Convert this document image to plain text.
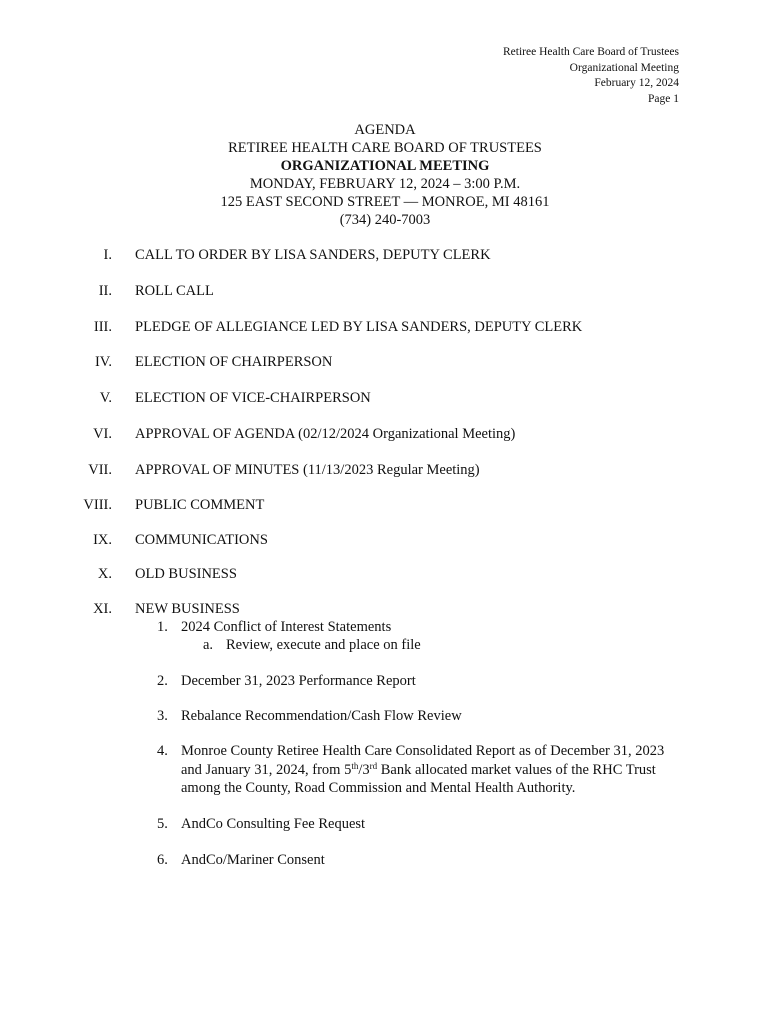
Retiree Health Care Board of Trustees
Organizational Meeting
February 12, 2024
Page 1
AGENDA
RETIREE HEALTH CARE BOARD OF TRUSTEES
ORGANIZATIONAL MEETING
MONDAY, FEBRUARY 12, 2024 – 3:00 P.M.
125 EAST SECOND STREET — MONROE, MI 48161
(734) 240-7003
I. CALL TO ORDER BY LISA SANDERS, DEPUTY CLERK
II. ROLL CALL
III. PLEDGE OF ALLEGIANCE LED BY LISA SANDERS, DEPUTY CLERK
IV. ELECTION OF CHAIRPERSON
V. ELECTION OF VICE-CHAIRPERSON
VI. APPROVAL OF AGENDA (02/12/2024 Organizational Meeting)
VII. APPROVAL OF MINUTES (11/13/2023 Regular Meeting)
VIII. PUBLIC COMMENT
IX. COMMUNICATIONS
X. OLD BUSINESS
XI. NEW BUSINESS
1. 2024 Conflict of Interest Statements
a. Review, execute and place on file
2. December 31, 2023 Performance Report
3. Rebalance Recommendation/Cash Flow Review
4. Monroe County Retiree Health Care Consolidated Report as of December 31, 2023
and January 31, 2024, from 5th/3rd Bank allocated market values of the RHC Trust
among the County, Road Commission and Mental Health Authority.
5. AndCo Consulting Fee Request
6. AndCo/Mariner Consent
